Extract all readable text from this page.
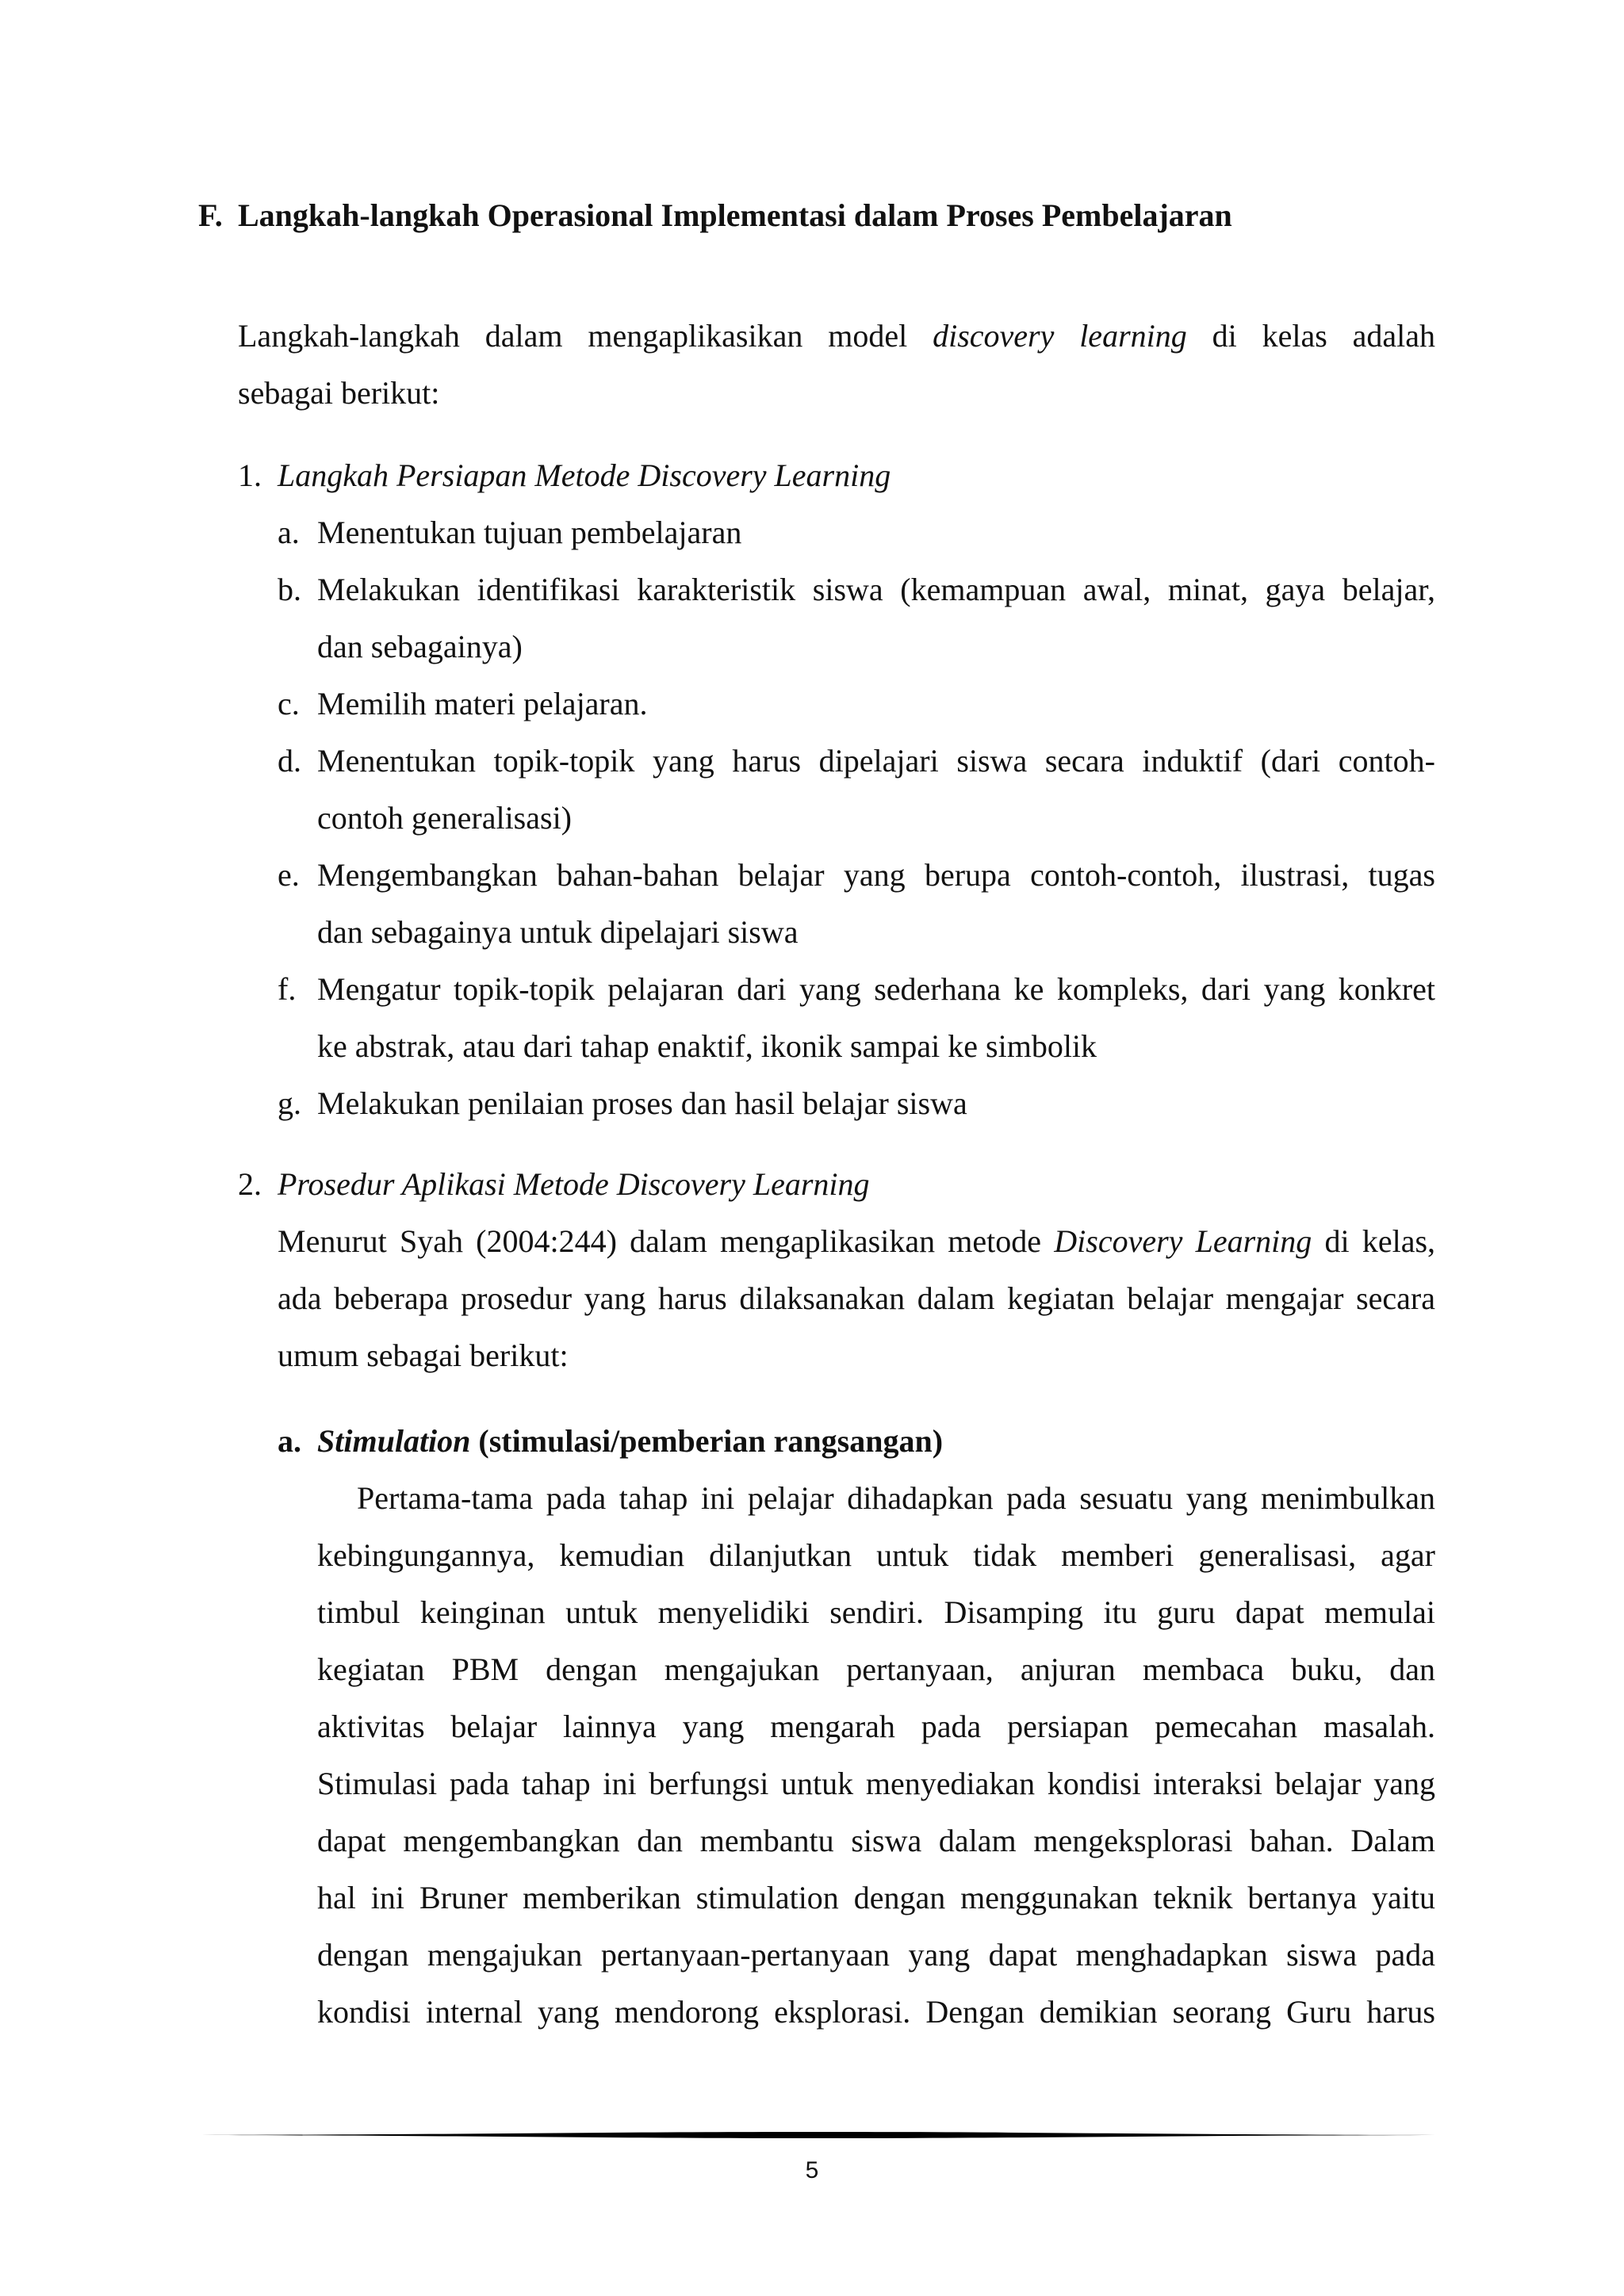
F. Langkah-langkah Operasional Implementasi dalam Proses Pembelajaran
Langkah-langkah dalam mengaplikasikan model discovery learning di kelas adalah
sebagai berikut:
1. Langkah Persiapan Metode Discovery Learning
a. Menentukan tujuan pembelajaran
b. Melakukan identifikasi karakteristik siswa (kemampuan awal, minat, gaya belajar,
dan sebagainya)
c. Memilih materi pelajaran.
d. Menentukan topik-topik yang harus dipelajari siswa secara induktif (dari contoh-
contoh generalisasi)
e. Mengembangkan bahan-bahan belajar yang berupa contoh-contoh, ilustrasi, tugas
dan sebagainya untuk dipelajari siswa
f. Mengatur topik-topik pelajaran dari yang sederhana ke kompleks, dari yang konkret
ke abstrak, atau dari tahap enaktif, ikonik sampai ke simbolik
g. Melakukan penilaian proses dan hasil belajar siswa
2. Prosedur Aplikasi Metode Discovery Learning
Menurut Syah (2004:244) dalam mengaplikasikan metode Discovery Learning di kelas,
ada beberapa prosedur yang harus dilaksanakan dalam kegiatan belajar mengajar secara
umum sebagai berikut:
a. Stimulation (stimulasi/pemberian rangsangan)
Pertama-tama pada tahap ini pelajar dihadapkan pada sesuatu yang menimbulkan
kebingungannya, kemudian dilanjutkan untuk tidak memberi generalisasi, agar
timbul keinginan untuk menyelidiki sendiri. Disamping itu guru dapat memulai
kegiatan PBM dengan mengajukan pertanyaan, anjuran membaca buku, dan
aktivitas belajar lainnya yang mengarah pada persiapan pemecahan masalah.
Stimulasi pada tahap ini berfungsi untuk menyediakan kondisi interaksi belajar yang
dapat mengembangkan dan membantu siswa dalam mengeksplorasi bahan. Dalam
hal ini Bruner memberikan stimulation dengan menggunakan teknik bertanya yaitu
dengan mengajukan pertanyaan-pertanyaan yang dapat menghadapkan siswa pada
kondisi internal yang mendorong eksplorasi. Dengan demikian seorang Guru harus
5
